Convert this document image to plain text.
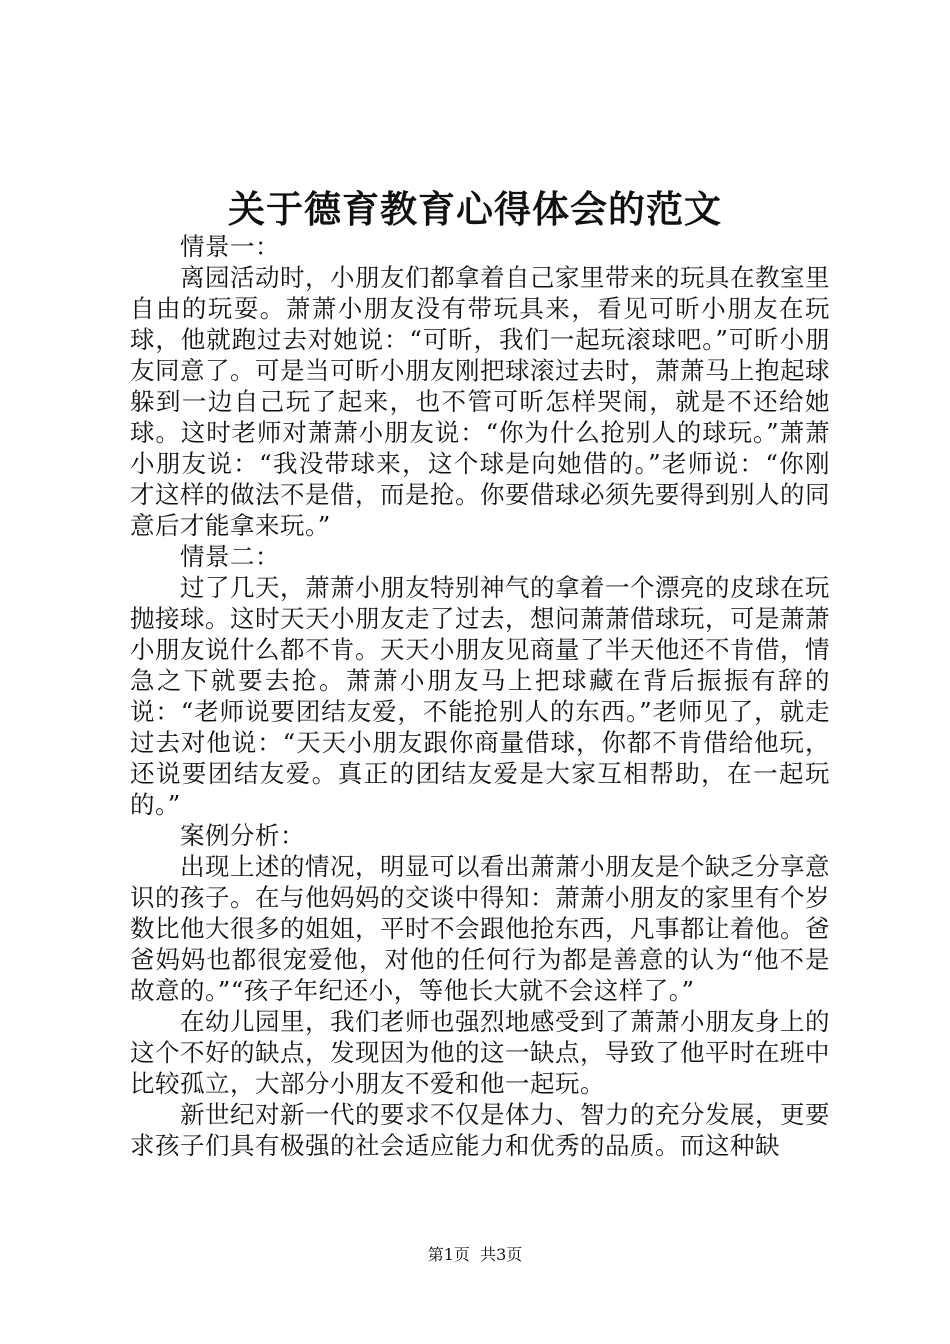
关于德育教育心得体会的范文

情景一：

离园活动时，小朋友们都拿着自己家里带来的玩具在教室里自由的玩耍。萧萧小朋友没有带玩具来，看见可昕小朋友在玩球，他就跑过去对她说：“可昕，我们一起玩滚球吧。”可昕小朋友同意了。可是当可昕小朋友刚把球滚过去时，萧萧马上抱起球躲到一边自己玩了起来，也不管可昕怎样哭闹，就是不还给她球。这时老师对萧萧小朋友说：“你为什么抢别人的球玩。”萧萧小朋友说：“我没带球来，这个球是向她借的。”老师说：“你刚才这样的做法不是借，而是抢。你要借球必须先要得到别人的同意后才能拿来玩。”

情景二：

过了几天，萧萧小朋友特别神气的拿着一个漂亮的皮球在玩抛接球。这时天天小朋友走了过去，想问萧萧借球玩，可是萧萧小朋友说什么都不肯。天天小朋友见商量了半天他还不肯借，情急之下就要去抢。萧萧小朋友马上把球藏在背后振振有辞的说：“老师说要团结友爱，不能抢别人的东西。”老师见了，就走过去对他说：“天天小朋友跟你商量借球，你都不肯借给他玩，还说要团结友爱。真正的团结友爱是大家互相帮助，在一起玩的。”

案例分析：

出现上述的情况，明显可以看出萧萧小朋友是个缺乏分享意识的孩子。在与他妈妈的交谈中得知：萧萧小朋友的家里有个岁数比他大很多的姐姐，平时不会跟他抢东西，凡事都让着他。爸爸妈妈也都很宠爱他，对他的任何行为都是善意的认为“他不是故意的。”“孩子年纪还小，等他长大就不会这样了。”

在幼儿园里，我们老师也强烈地感受到了萧萧小朋友身上的这个不好的缺点，发现因为他的这一缺点，导致了他平时在班中比较孤立，大部分小朋友不爱和他一起玩。

新世纪对新一代的要求不仅是体力、智力的充分发展，更要求孩子们具有极强的社会适应能力和优秀的品质。而这种缺

第1页 共3页
